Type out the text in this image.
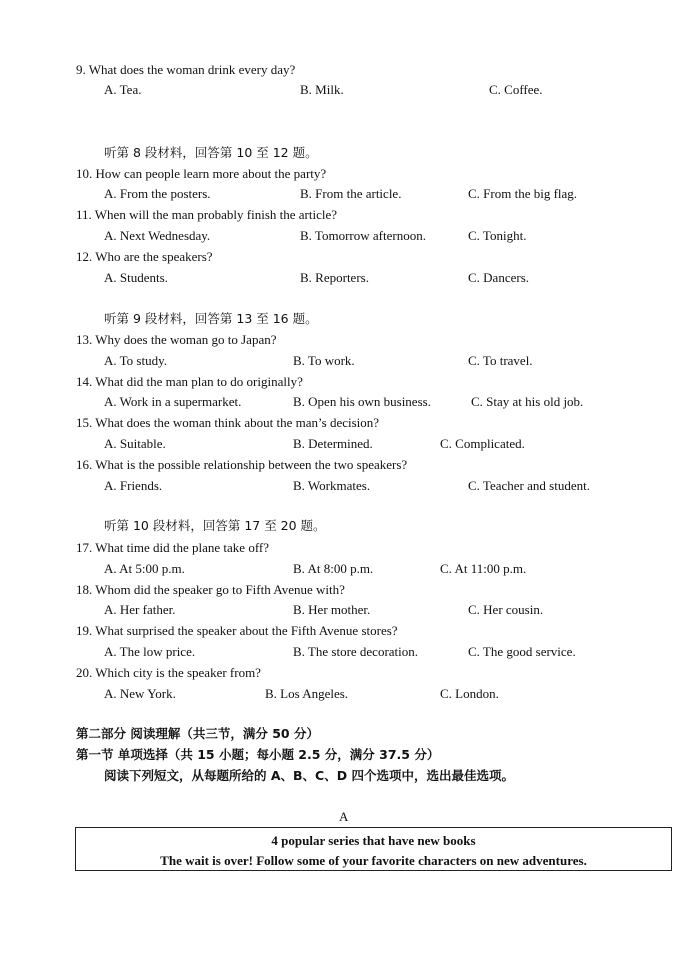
9. What does the woman drink every day?
A. Tea.	B. Milk.	C. Coffee.
听第 8 段材料，回答第 10 至 12 题。
10. How can people learn more about the party?
A. From the posters.	B. From the article.	C. From the big flag.
11. When will the man probably finish the article?
A. Next Wednesday.	B. Tomorrow afternoon.	C. Tonight.
12. Who are the speakers?
A. Students.	B. Reporters.	C. Dancers.
听第 9 段材料，回答第 13 至 16 题。
13. Why does the woman go to Japan?
A. To study.	B. To work.	C. To travel.
14. What did the man plan to do originally?
A. Work in a supermarket.	B. Open his own business.	C. Stay at his old job.
15. What does the woman think about the man’s decision?
A. Suitable.	B. Determined.	C. Complicated.
16. What is the possible relationship between the two speakers?
A. Friends.	B. Workmates.	C. Teacher and student.
听第 10 段材料，回答第 17 至 20 题。
17. What time did the plane take off?
A. At 5:00 p.m.	B. At 8:00 p.m.	C. At 11:00 p.m.
18. Whom did the speaker go to Fifth Avenue with?
A. Her father.	B. Her mother.	C. Her cousin.
19. What surprised the speaker about the Fifth Avenue stores?
A. The low price.	B. The store decoration.	C. The good service.
20. Which city is the speaker from?
A. New York.	B. Los Angeles.	C. London.
第二部分 阅读理解（共三节，满分 50 分）
第一节 单项选择（共 15 小题；每小题 2.5 分，满分 37.5 分）
阅读下列短文，从每题所给的 A、B、C、D 四个选项中，选出最佳选项。
A
4 popular series that have new books
The wait is over! Follow some of your favorite characters on new adventures.
